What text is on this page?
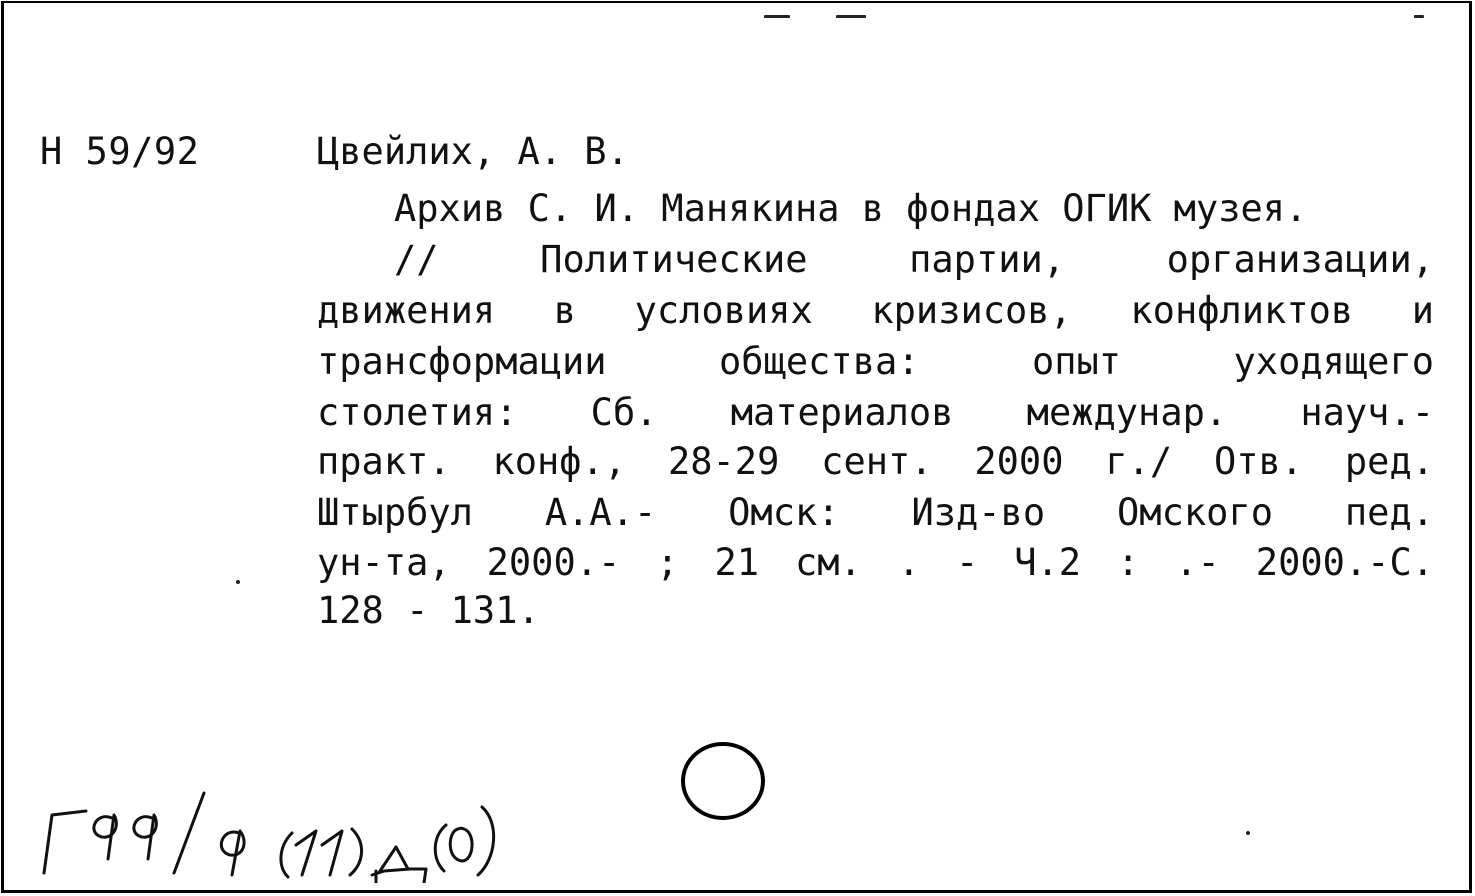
Н 59/92	Цвейлих, А. В.
Архив С. И. Манякина в фондах ОГИК музея.
// Политические партии, организации,
движения в условиях кризисов, конфликтов и
трансформации общества: опыт уходящего
столетия: Сб. материалов междунар. науч.-
практ. конф., 28-29 сент. 2000 г./ Отв. ред.
Штырбул А.А.- Омск: Изд-во Омского пед.
ун-та, 2000.- ; 21 см. . - Ч.2 : .- 2000.-С.
128 - 131.
